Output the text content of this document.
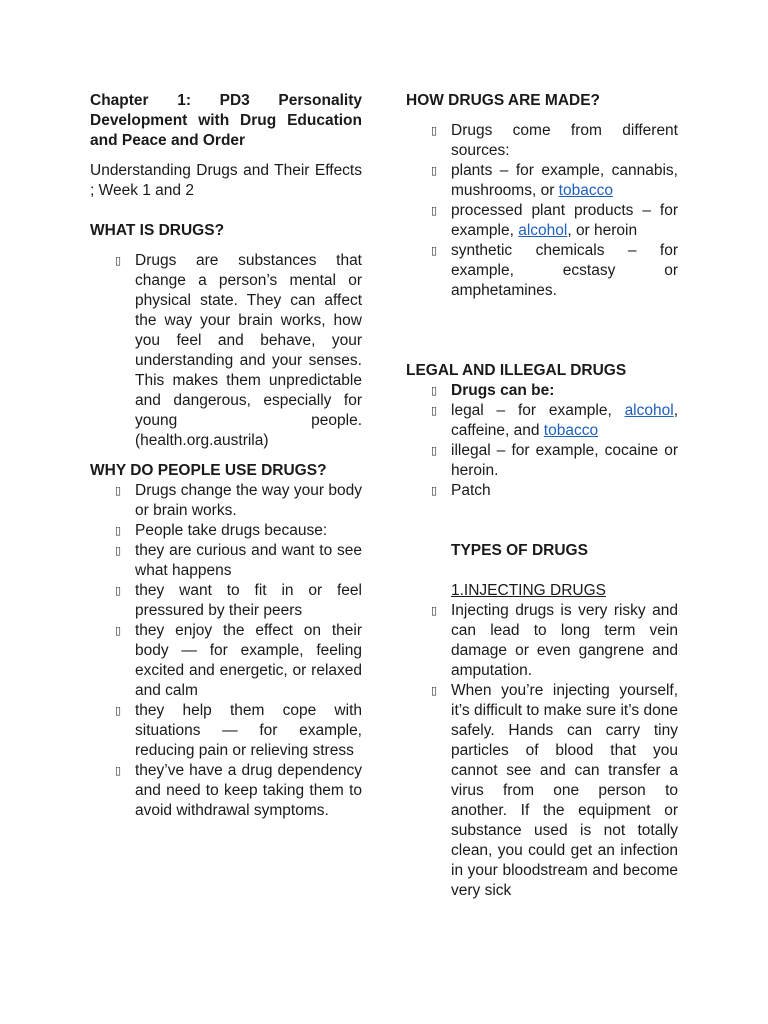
Chapter 1: PD3 Personality Development with Drug Education and Peace and Order

Understanding Drugs and Their Effects ; Week 1 and 2

WHAT IS DRUGS?
▯ Drugs are substances that change a person’s mental or physical state. They can affect the way your brain works, how you feel and behave, your understanding and your senses. This makes them unpredictable and dangerous, especially for young people. (health.org.austrila)
WHY DO PEOPLE USE DRUGS?
▯ Drugs change the way your body or brain works.
▯ People take drugs because:
▯ they are curious and want to see what happens
▯ they want to fit in or feel pressured by their peers
▯ they enjoy the effect on their body — for example, feeling excited and energetic, or relaxed and calm
▯ they help them cope with situations — for example, reducing pain or relieving stress
▯ they’ve have a drug dependency and need to keep taking them to avoid withdrawal symptoms.
HOW DRUGS ARE MADE?
▯ Drugs come from different sources:
▯ plants – for example, cannabis, mushrooms, or tobacco
▯ processed plant products – for example, alcohol, or heroin
▯ synthetic chemicals – for example, ecstasy or amphetamines.
LEGAL AND ILLEGAL DRUGS
▯ Drugs can be:
▯ legal – for example, alcohol, caffeine, and tobacco
▯ illegal – for example, cocaine or heroin.
▯ Patch
TYPES OF DRUGS

1.INJECTING DRUGS

▯ Injecting drugs is very risky and can lead to long term vein damage or even gangrene and amputation.
▯ When you’re injecting yourself, it’s difficult to make sure it’s done safely. Hands can carry tiny particles of blood that you cannot see and can transfer a virus from one person to another. If the equipment or substance used is not totally clean, you could get an infection in your bloodstream and become very sick
